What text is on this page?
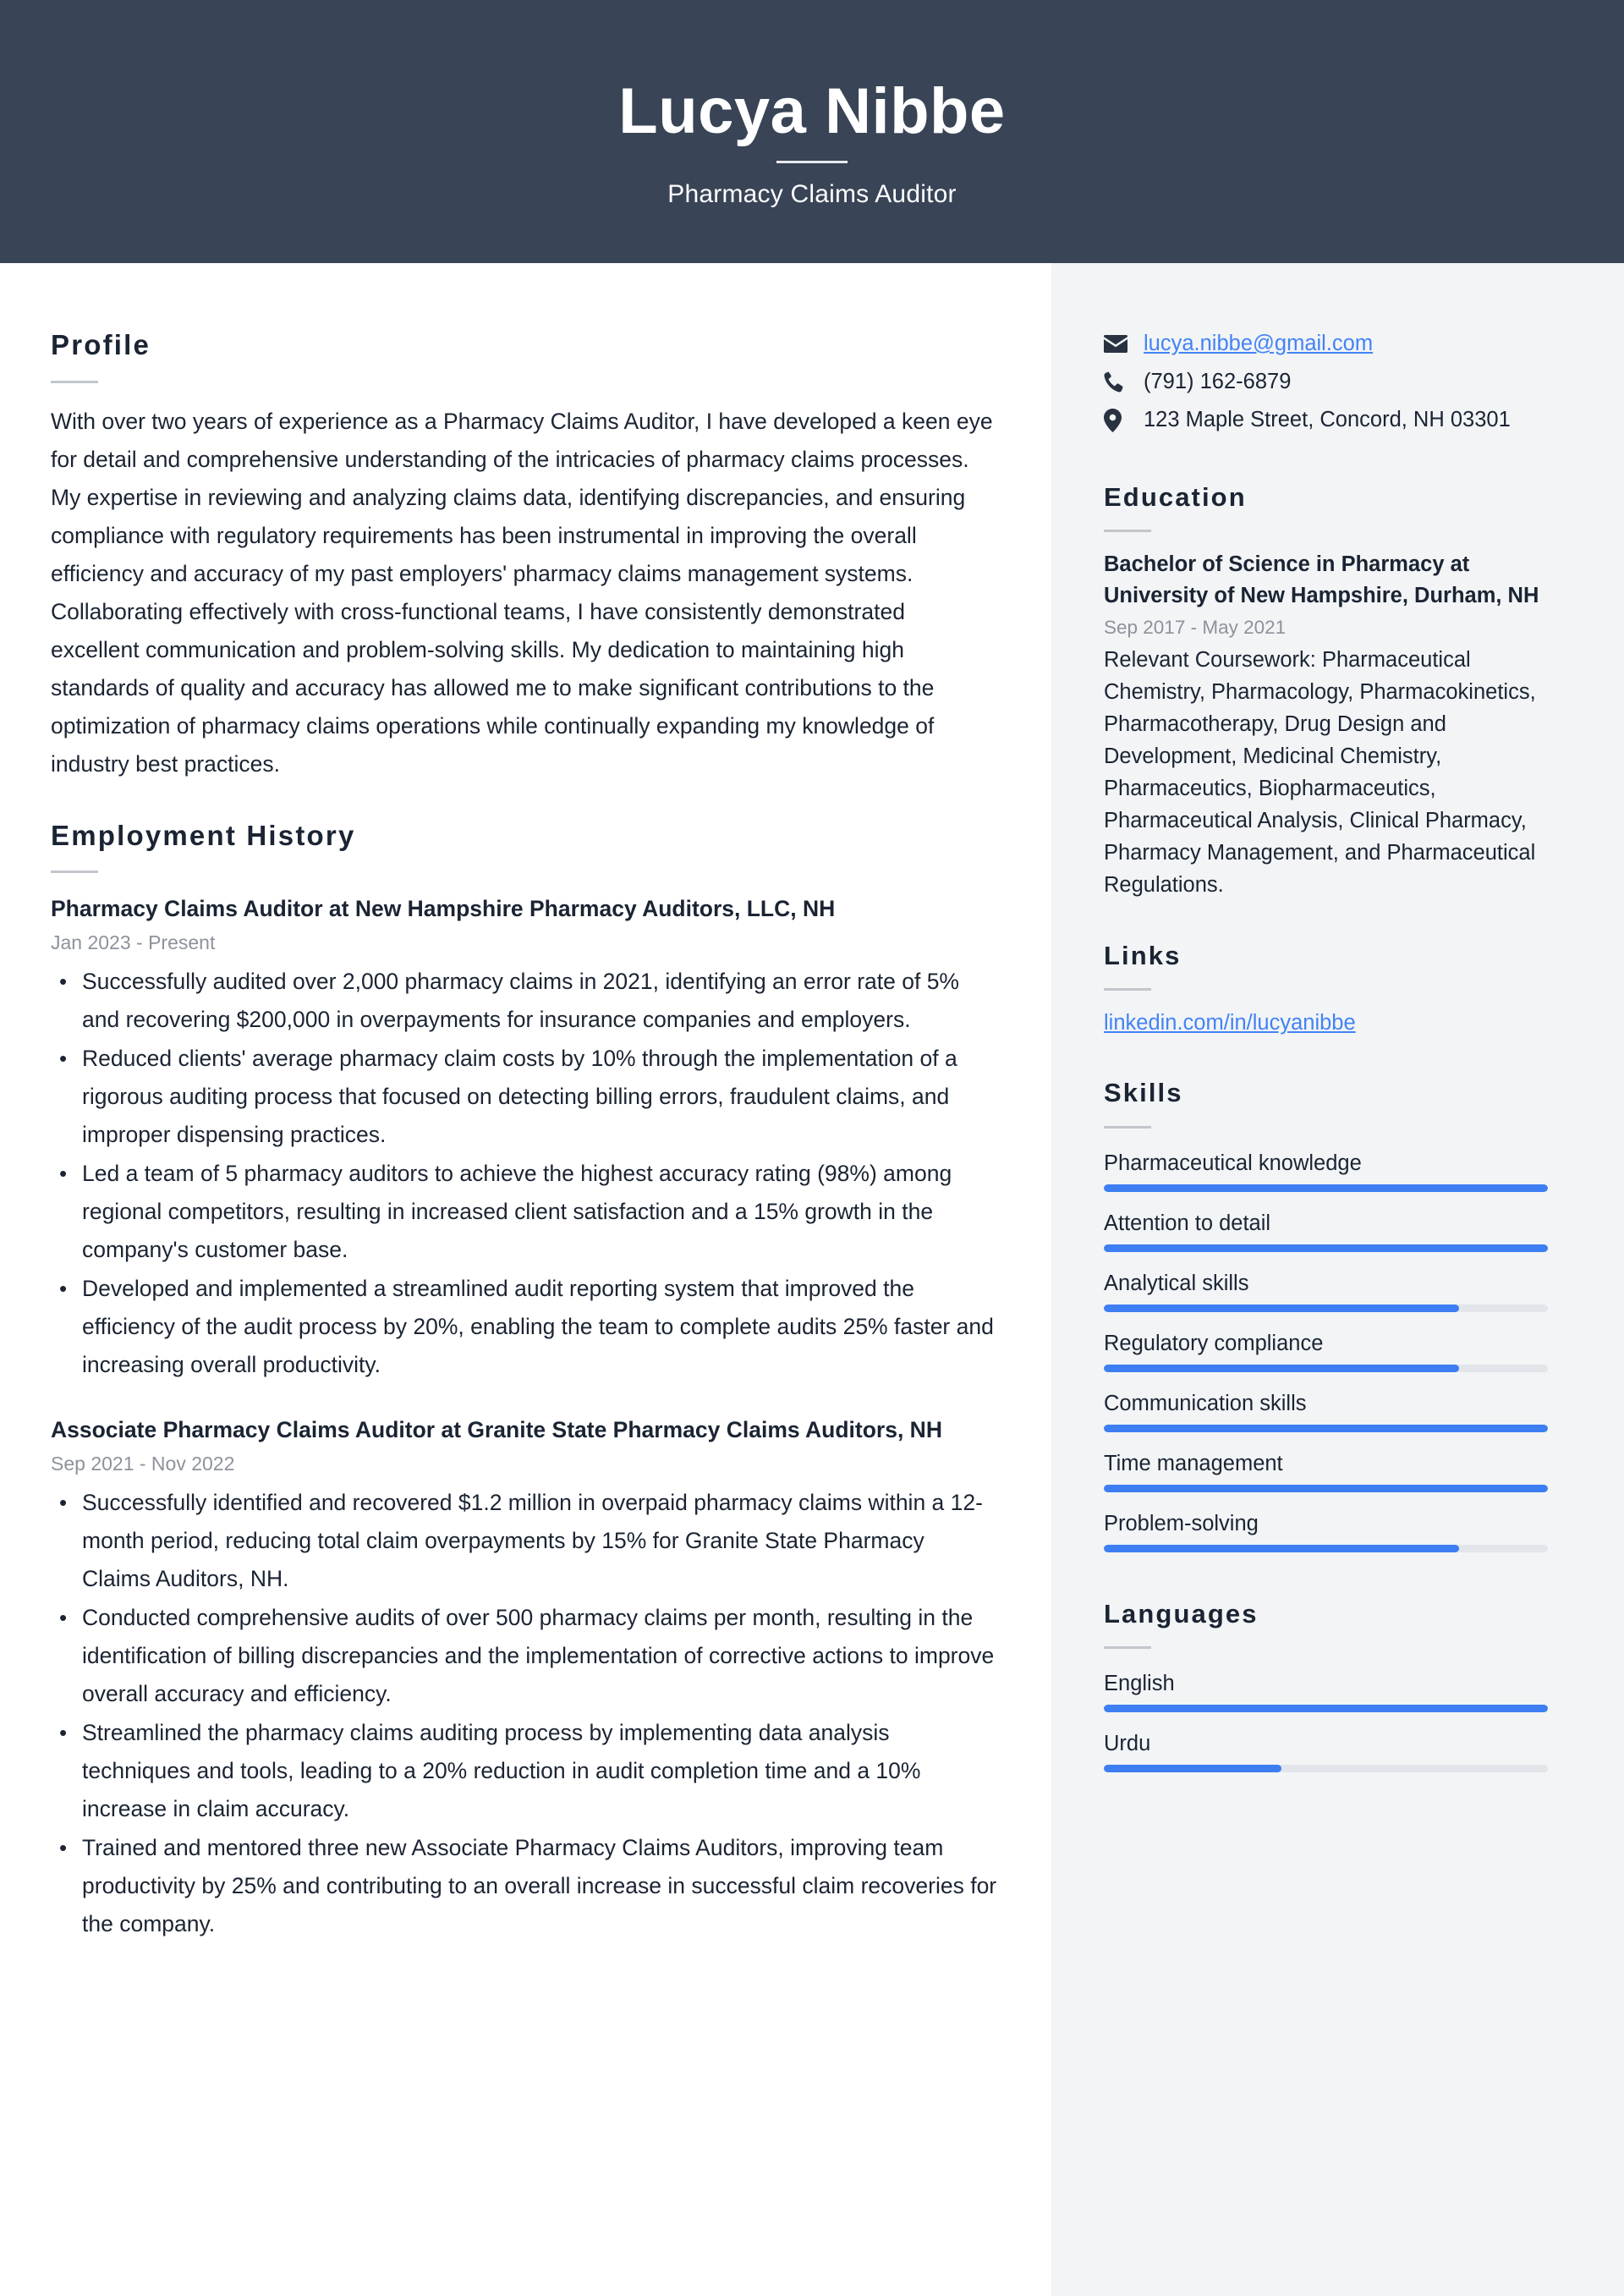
Lucya Nibbe
Pharmacy Claims Auditor
Profile
With over two years of experience as a Pharmacy Claims Auditor, I have developed a keen eye for detail and comprehensive understanding of the intricacies of pharmacy claims processes. My expertise in reviewing and analyzing claims data, identifying discrepancies, and ensuring compliance with regulatory requirements has been instrumental in improving the overall efficiency and accuracy of my past employers' pharmacy claims management systems. Collaborating effectively with cross-functional teams, I have consistently demonstrated excellent communication and problem-solving skills. My dedication to maintaining high standards of quality and accuracy has allowed me to make significant contributions to the optimization of pharmacy claims operations while continually expanding my knowledge of industry best practices.
Employment History
Pharmacy Claims Auditor at New Hampshire Pharmacy Auditors, LLC, NH
Jan 2023 - Present
• Successfully audited over 2,000 pharmacy claims in 2021, identifying an error rate of 5% and recovering $200,000 in overpayments for insurance companies and employers.
• Reduced clients' average pharmacy claim costs by 10% through the implementation of a rigorous auditing process that focused on detecting billing errors, fraudulent claims, and improper dispensing practices.
• Led a team of 5 pharmacy auditors to achieve the highest accuracy rating (98%) among regional competitors, resulting in increased client satisfaction and a 15% growth in the company's customer base.
• Developed and implemented a streamlined audit reporting system that improved the efficiency of the audit process by 20%, enabling the team to complete audits 25% faster and increasing overall productivity.
Associate Pharmacy Claims Auditor at Granite State Pharmacy Claims Auditors, NH
Sep 2021 - Nov 2022
• Successfully identified and recovered $1.2 million in overpaid pharmacy claims within a 12-month period, reducing total claim overpayments by 15% for Granite State Pharmacy Claims Auditors, NH.
• Conducted comprehensive audits of over 500 pharmacy claims per month, resulting in the identification of billing discrepancies and the implementation of corrective actions to improve overall accuracy and efficiency.
• Streamlined the pharmacy claims auditing process by implementing data analysis techniques and tools, leading to a 20% reduction in audit completion time and a 10% increase in claim accuracy.
• Trained and mentored three new Associate Pharmacy Claims Auditors, improving team productivity by 25% and contributing to an overall increase in successful claim recoveries for the company.
lucya.nibbe@gmail.com
(791) 162-6879
123 Maple Street, Concord, NH 03301
Education
Bachelor of Science in Pharmacy at University of New Hampshire, Durham, NH
Sep 2017 - May 2021
Relevant Coursework: Pharmaceutical Chemistry, Pharmacology, Pharmacokinetics, Pharmacotherapy, Drug Design and Development, Medicinal Chemistry, Pharmaceutics, Biopharmaceutics, Pharmaceutical Analysis, Clinical Pharmacy, Pharmacy Management, and Pharmaceutical Regulations.
Links
linkedin.com/in/lucyanibbe
Skills
Pharmaceutical knowledge
Attention to detail
Analytical skills
Regulatory compliance
Communication skills
Time management
Problem-solving
Languages
English
Urdu
